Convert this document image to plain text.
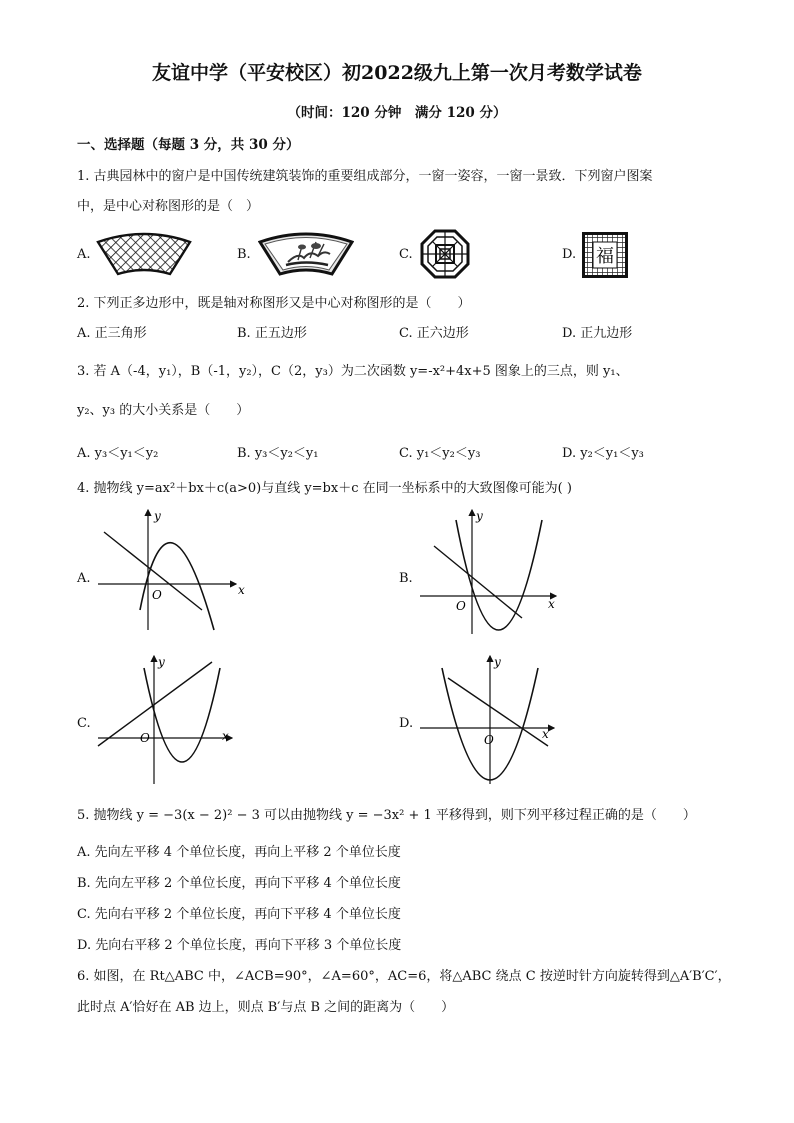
友谊中学（平安校区）初2022级九上第一次月考数学试卷
（时间：120 分钟　满分 120 分）
一、选择题（每题 3 分，共 30 分）
1. 古典园林中的窗户是中国传统建筑装饰的重要组成部分，一窗一姿容，一窗一景致．下列窗户图案
中，是中心对称图形的是（　）
A.	B.	C.	D. 福
2. 下列正多边形中，既是轴对称图形又是中心对称图形的是（　　）
A. 正三角形	B. 正五边形	C. 正六边形	D. 正九边形
3. 若 A（-4，y₁），B（-1，y₂），C（2，y₃）为二次函数 y=-x²+4x+5 图象上的三点，则 y₁、
y₂、y₃ 的大小关系是（　　）
A. y₃＜y₁＜y₂	B. y₃＜y₂＜y₁	C. y₁＜y₂＜y₃	D. y₂＜y₁＜y₃
4. 抛物线 y=ax²＋bx＋c(a>0)与直线 y=bx＋c 在同一坐标系中的大致图像可能为( )
A.
x
y
O
B.
x
y
O
C.
x
y
O
D.
x
y
O
5. 抛物线 y = −3(x − 2)² − 3 可以由抛物线 y = −3x² + 1 平移得到，则下列平移过程正确的是（　　）
A. 先向左平移 4 个单位长度，再向上平移 2 个单位长度
B. 先向左平移 2 个单位长度，再向下平移 4 个单位长度
C. 先向右平移 2 个单位长度，再向下平移 4 个单位长度
D. 先向右平移 2 个单位长度，再向下平移 3 个单位长度
6. 如图，在 Rt△ABC 中，∠ACB=90°，∠A=60°，AC=6，将△ABC 绕点 C 按逆时针方向旋转得到△A′B′C′，
此时点 A′恰好在 AB 边上，则点 B′与点 B 之间的距离为（　　）
